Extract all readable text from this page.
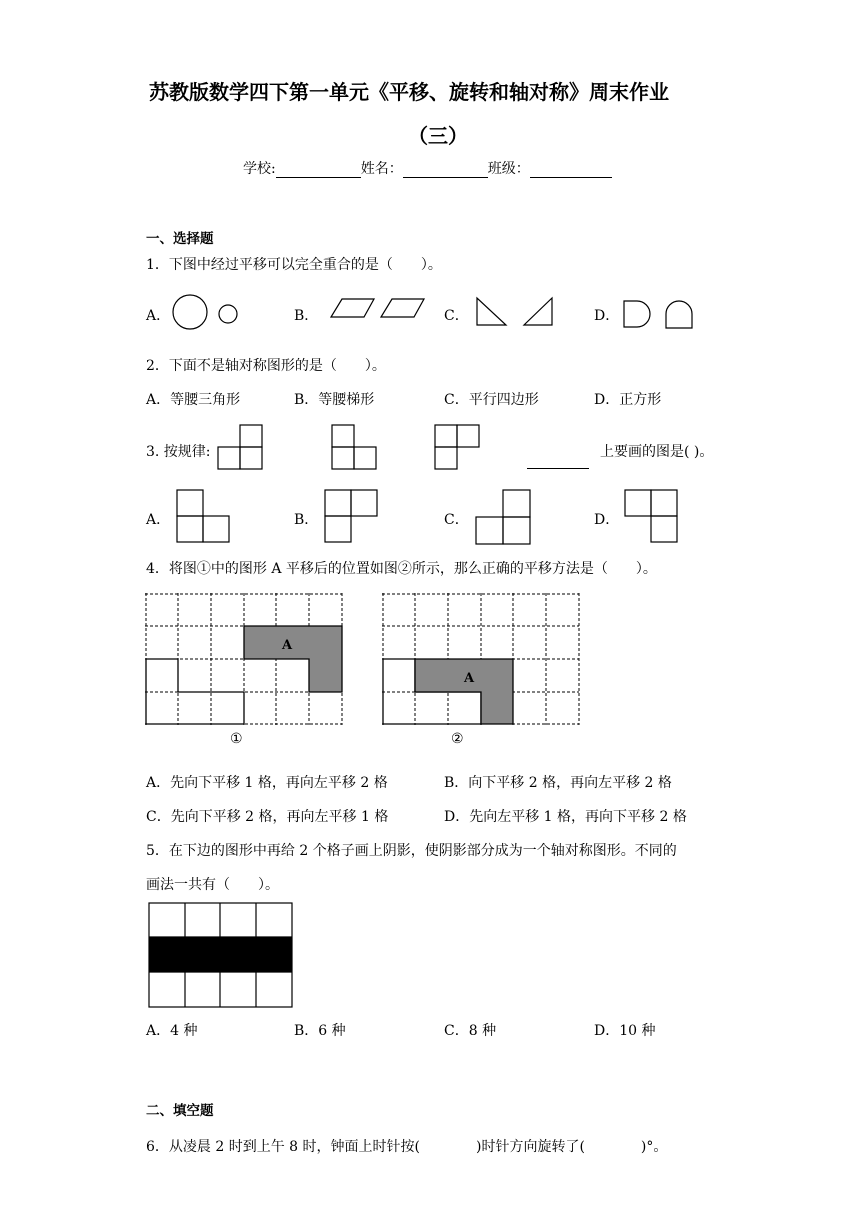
苏教版数学四下第一单元《平移、旋转和轴对称》周末作业
（三）
学校:	姓名：	班级：
一、选择题
1．下图中经过平移可以完全重合的是（　　）。
A．	B．	C．	D．
2．下面不是轴对称图形的是（　　）。
A．等腰三角形	B．等腰梯形	C．平行四边形	D．正方形
3. 按规律:	上要画的图是( )。
A．	B．	C．	D．
4．将图①中的图形 A 平移后的位置如图②所示，那么正确的平移方法是（　　）。
A
①
A
②
A．先向下平移 1 格，再向左平移 2 格	B．向下平移 2 格，再向左平移 2 格
C．先向下平移 2 格，再向左平移 1 格	D．先向左平移 1 格，再向下平移 2 格
5．在下边的图形中再给 2 个格子画上阴影，使阴影部分成为一个轴对称图形。不同的
画法一共有（　　）。
A．4 种	B．6 种	C．8 种	D．10 种
二、填空题
6．从凌晨 2 时到上午 8 时，钟面上时针按(　　　　)时针方向旋转了(　　　　)°。
